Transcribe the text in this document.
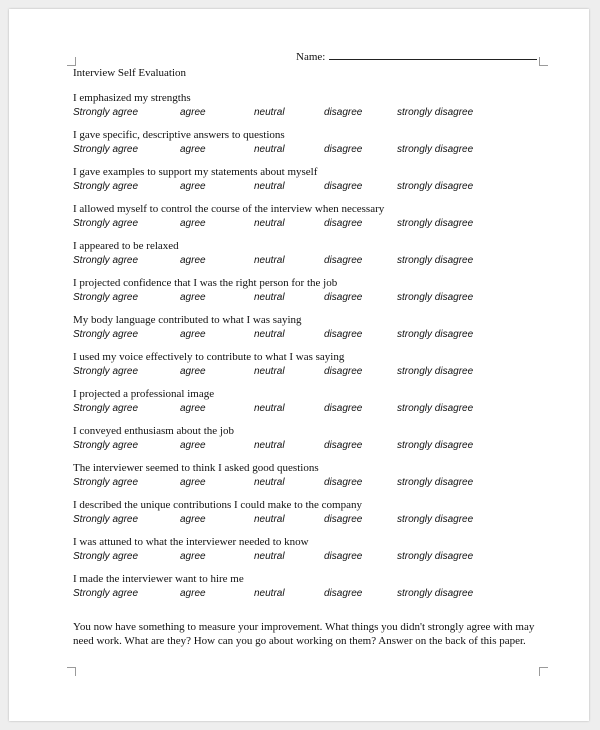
Name:
Interview Self Evaluation
I emphasized my strengths
Strongly agree	agree	neutral	disagree	strongly disagree
I gave specific, descriptive answers to questions
Strongly agree	agree	neutral	disagree	strongly disagree
I gave examples to support my statements about myself
Strongly agree	agree	neutral	disagree	strongly disagree
I allowed myself to control the course of the interview when necessary
Strongly agree	agree	neutral	disagree	strongly disagree
I appeared to be relaxed
Strongly agree	agree	neutral	disagree	strongly disagree
I projected confidence that I was the right person for the job
Strongly agree	agree	neutral	disagree	strongly disagree
My body language contributed to what I was saying
Strongly agree	agree	neutral	disagree	strongly disagree
I used my voice effectively to contribute to what I was saying
Strongly agree	agree	neutral	disagree	strongly disagree
I projected a professional image
Strongly agree	agree	neutral	disagree	strongly disagree
I conveyed enthusiasm about the job
Strongly agree	agree	neutral	disagree	strongly disagree
The interviewer seemed to think I asked good questions
Strongly agree	agree	neutral	disagree	strongly disagree
I described the unique contributions I could make to the company
Strongly agree	agree	neutral	disagree	strongly disagree
I was attuned to what the interviewer needed to know
Strongly agree	agree	neutral	disagree	strongly disagree
I made the interviewer want to hire me
Strongly agree	agree	neutral	disagree	strongly disagree
You now have something to measure your improvement. What things you didn't strongly agree with may need work. What are they? How can you go about working on them? Answer on the back of this paper.
